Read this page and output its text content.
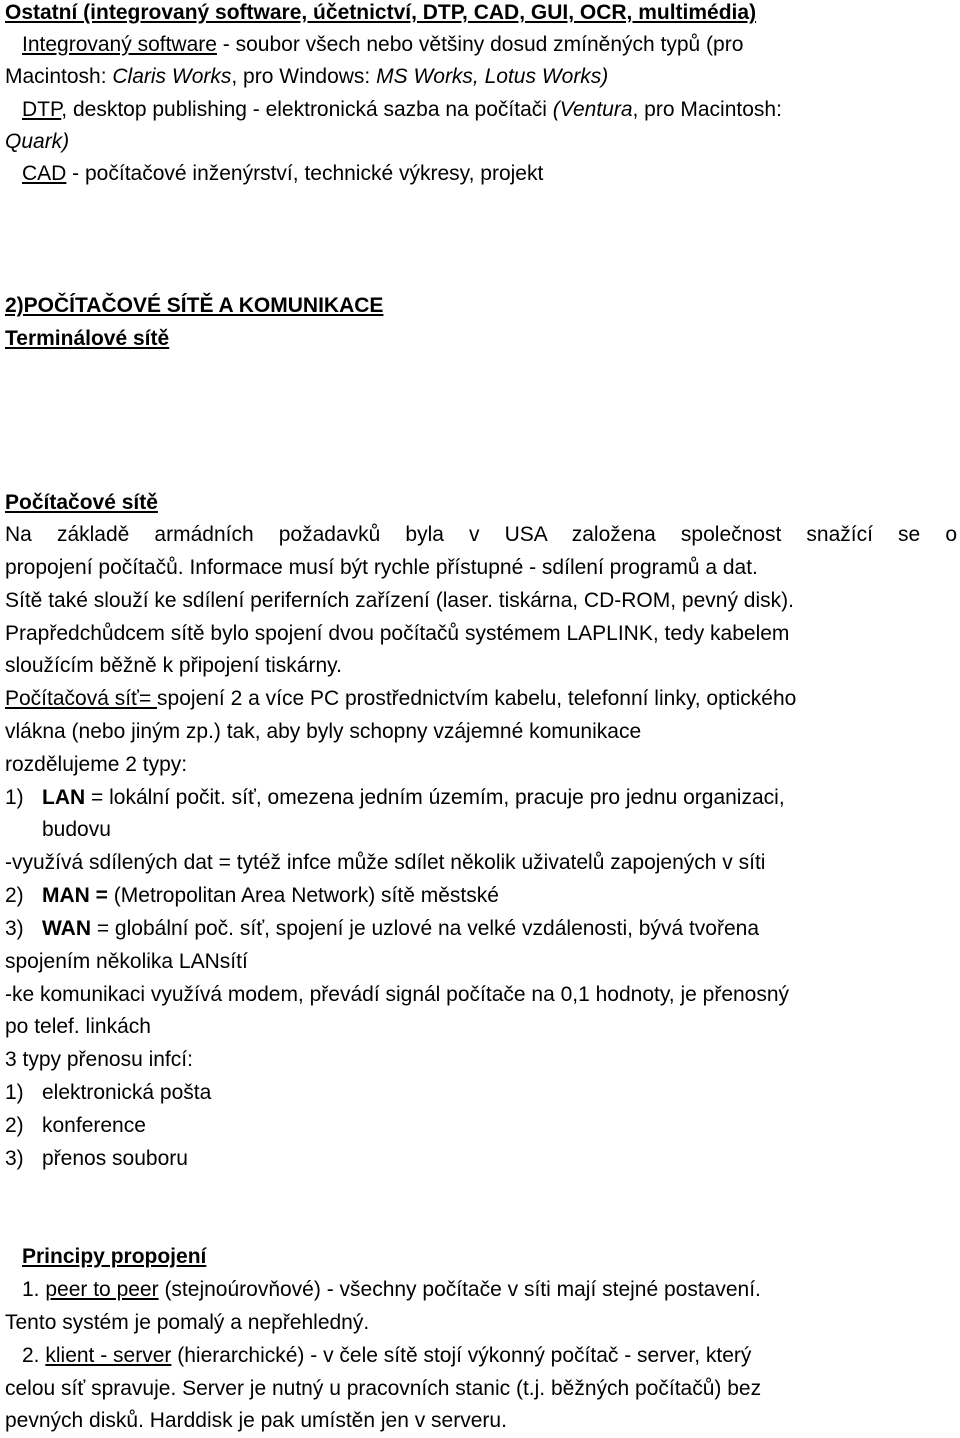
Ostatní (integrovaný software, účetnictví, DTP, CAD, GUI, OCR, multimédia)
Integrovaný software - soubor všech nebo většiny dosud zmíněných typů (pro
Macintosh: Claris Works, pro Windows: MS Works, Lotus Works)
DTP, desktop publishing - elektronická sazba na počítači (Ventura, pro Macintosh:
Quark)
CAD - počítačové inženýrství, technické výkresy, projekt
2)POČÍTAČOVÉ SÍTĚ A KOMUNIKACE
Terminálové sítě
Počítačové sítě
Na základě armádních požadavků byla v USA založena společnost snažící se o
propojení počítačů. Informace musí být rychle přístupné - sdílení programů a dat.
Sítě také slouží ke sdílení periferních zařízení (laser. tiskárna, CD-ROM, pevný disk).
Prapředchůdcem sítě bylo spojení dvou počítačů systémem LAPLINK, tedy kabelem
sloužícím běžně k připojení tiskárny.
Počítačová síť= spojení 2 a více PC prostřednictvím kabelu, telefonní linky, optického
vlákna (nebo jiným zp.) tak, aby byly schopny vzájemné komunikace
rozdělujeme 2 typy:
1) LAN = lokální počit. síť, omezena jedním územím, pracuje pro jednu organizaci,
budovu
-využívá sdílených dat = tytéž infce může sdílet několik uživatelů zapojených v síti
2) MAN = (Metropolitan Area Network) sítě městské
3) WAN = globální poč. síť, spojení je uzlové na velké vzdálenosti, bývá tvořena
spojením několika LANsítí
-ke komunikaci využívá modem, převádí signál počítače na 0,1 hodnoty, je přenosný
po telef. linkách
3 typy přenosu infcí:
1) elektronická pošta
2) konference
3) přenos souboru
Principy propojení
1. peer to peer (stejnoúrovňové) - všechny počítače v síti mají stejné postavení.
Tento systém je pomalý a nepřehledný.
2. klient - server (hierarchické) - v čele sítě stojí výkonný počítač - server, který
celou síť spravuje. Server je nutný u pracovních stanic (t.j. běžných počítačů) bez
pevných disků. Harddisk je pak umístěn jen v serveru.
